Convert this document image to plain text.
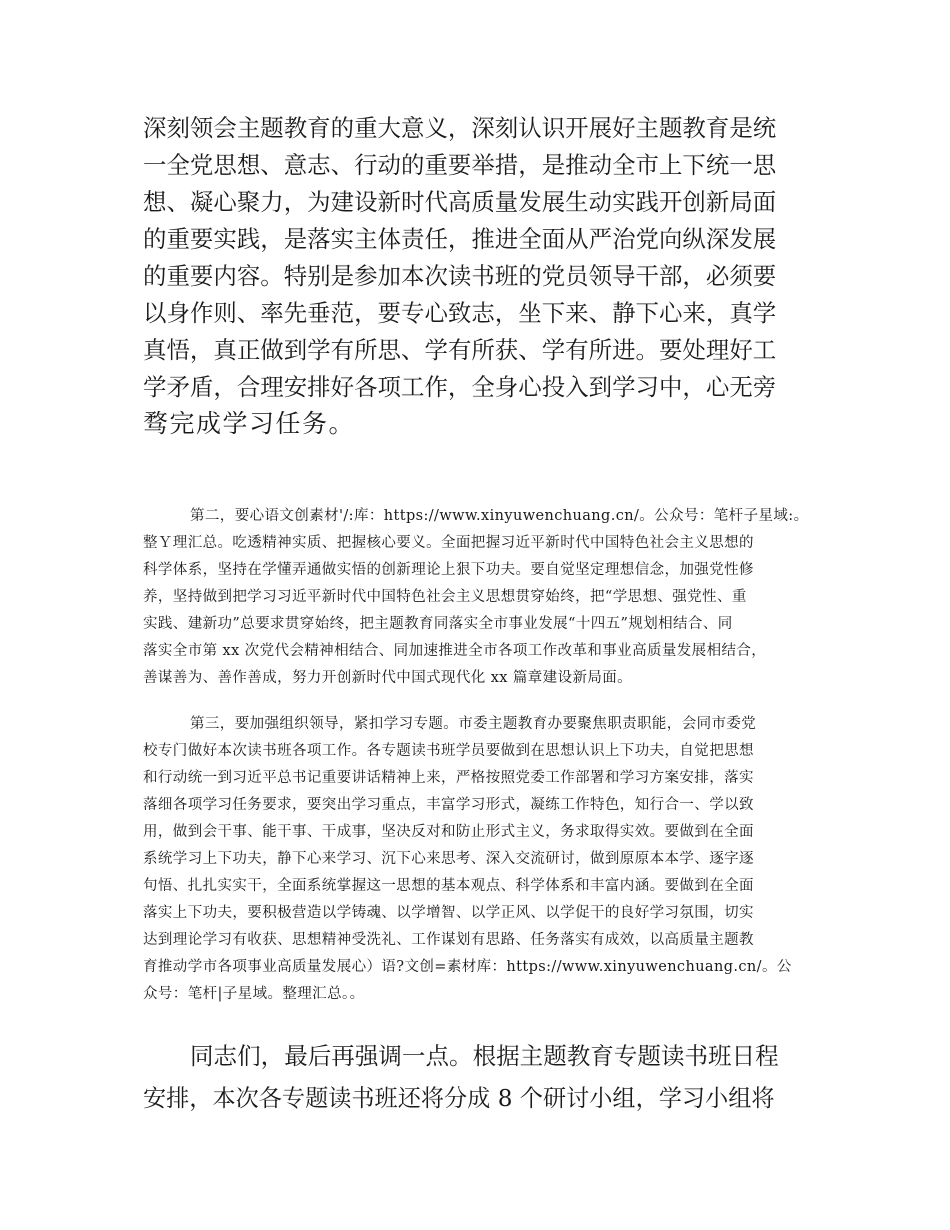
深刻领会主题教育的重大意义，深刻认识开展好主题教育是统
一全党思想、意志、行动的重要举措，是推动全市上下统一思
想、凝心聚力，为建设新时代高质量发展生动实践开创新局面
的重要实践，是落实主体责任，推进全面从严治党向纵深发展
的重要内容。特别是参加本次读书班的党员领导干部，必须要
以身作则、率先垂范，要专心致志，坐下来、静下心来，真学
真悟，真正做到学有所思、学有所获、学有所进。要处理好工
学矛盾，合理安排好各项工作，全身心投入到学习中，心无旁
骛完成学习任务。
第二，要心语文创素材'/:库：https://www.xinyuwenchuang.cn/。公众号：笔杆子星域:。
整Ｙ理汇总。吃透精神实质、把握核心要义。全面把握习近平新时代中国特色社会主义思想的
科学体系，坚持在学懂弄通做实悟的创新理论上狠下功夫。要自觉坚定理想信念，加强党性修
养，坚持做到把学习习近平新时代中国特色社会主义思想贯穿始终，把“学思想、强党性、重
实践、建新功”总要求贯穿始终，把主题教育同落实全市事业发展“十四五”规划相结合、同
落实全市第 xx 次党代会精神相结合、同加速推进全市各项工作改革和事业高质量发展相结合，
善谋善为、善作善成，努力开创新时代中国式现代化 xx 篇章建设新局面。
第三，要加强组织领导，紧扣学习专题。市委主题教育办要聚焦职责职能，会同市委党
校专门做好本次读书班各项工作。各专题读书班学员要做到在思想认识上下功夫，自觉把思想
和行动统一到习近平总书记重要讲话精神上来，严格按照党委工作部署和学习方案安排，落实
落细各项学习任务要求，要突出学习重点，丰富学习形式，凝练工作特色，知行合一、学以致
用，做到会干事、能干事、干成事，坚决反对和防止形式主义，务求取得实效。要做到在全面
系统学习上下功夫，静下心来学习、沉下心来思考、深入交流研讨，做到原原本本学、逐字逐
句悟、扎扎实实干，全面系统掌握这一思想的基本观点、科学体系和丰富内涵。要做到在全面
落实上下功夫，要积极营造以学铸魂、以学增智、以学正风、以学促干的良好学习氛围，切实
达到理论学习有收获、思想精神受洗礼、工作谋划有思路、任务落实有成效，以高质量主题教
育推动学市各项事业高质量发展心）语?文创=素材库：https://www.xinyuwenchuang.cn/。公
众号：笔杆|子星域。整理汇总。。
同志们，最后再强调一点。根据主题教育专题读书班日程
安排，本次各专题读书班还将分成 8 个研讨小组，学习小组将
